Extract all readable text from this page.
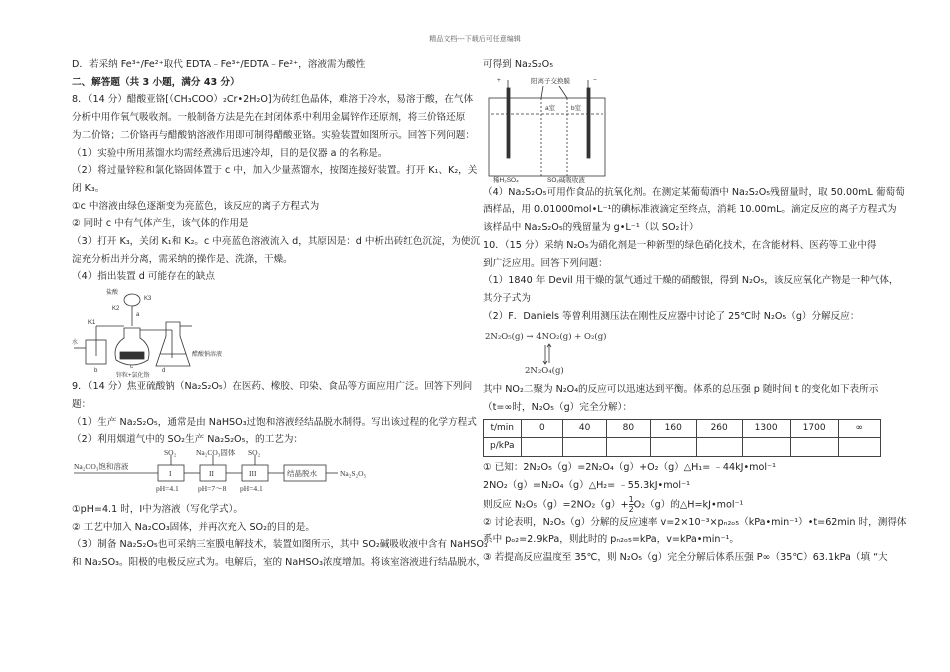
精品文档---下载后可任意编辑

D．若采纳 Fe³⁺/Fe²⁺取代 EDTA﹣Fe³⁺/EDTA﹣Fe²⁺，溶液需为酸性

二、解答题（共 3 小题，满分 43 分）

8．（14 分）醋酸亚铬[（CH₃COO）₂Cr•2H₂O]为砖红色晶体，难溶于冷水，易溶于酸，在气体

分析中用作氧气吸收剂。一般制备方法是先在封闭体系中利用金属锌作还原剂，将三价铬还原

为二价铬；二价铬再与醋酸钠溶液作用即可制得醋酸亚铬。实验装置如图所示。回答下列问题：

（1）实验中所用蒸馏水均需经煮沸后迅速冷却，目的是仪器 a 的名称是。

（2）将过量锌粒和氯化铬固体置于 c 中，加入少量蒸馏水，按图连接好装置。打开 K₁、K₂，关

闭 K₃。

①c 中溶液由绿色逐渐变为亮蓝色，该反应的离子方程式为

② 同时 c 中有气体产生，该气体的作用是

（3）打开 K₃，关闭 K₁和 K₂。c 中亮蓝色溶液流入 d，其原因是：d 中析出砖红色沉淀，为使沉

淀充分析出并分离，需采纳的操作是、洗涤，干燥。

（4）指出装置 d 可能存在的缺点

盐酸
K3
K2
K1
a
水
b
c
d
锌粒+氯化铬
醋酸钠溶液

9．（14 分）焦亚硫酸钠（Na₂S₂O₅）在医药、橡胶、印染、食品等方面应用广泛。回答下列问

题：

（1）生产 Na₂S₂O₅，通常是由 NaHSO₃过饱和溶液经结晶脱水制得。写出该过程的化学方程式

（2）利用烟道气中的 SO₂生产 Na₂S₂O₅，的工艺为：

Na₂CO₃饱和溶液
SO₂	Na₂CO₃固体 SO₂
I	II	III	结晶脱水	Na₂S₂O₅
pH=4.1	pH=7～8 pH=4.1

①pH=4.1 时，Ⅰ中为溶液（写化学式）。

② 工艺中加入 Na₂CO₃固体，并再次充入 SO₂的目的是。

（3）制备 Na₂S₂O₅也可采纳三室膜电解技术，装置如图所示，其中 SO₂碱吸收液中含有 NaHSO₃

和 Na₂SO₃。阳极的电极反应式为。电解后，室的 NaHSO₃浓度增加。将该室溶液进行结晶脱水，

可得到 Na₂S₂O₅

+	−
阳离子交换膜
a室 b室
稀H₂SO₄	SO₂碱吸收液

（4）Na₂S₂O₅可用作食品的抗氧化剂。在测定某葡萄酒中 Na₂S₂O₅残留量时，取 50.00mL 葡萄萄

酒样品，用 0.01000mol•L⁻¹的碘标准液滴定至终点，消耗 10.00mL。滴定反应的离子方程式为

该样品中 Na₂S₂O₅的残留量为 g•L⁻¹（以 SO₂计）

10．（15 分）采纳 N₂O₅为硝化剂是一种新型的绿色硝化技术，在含能材料、医药等工业中得

到广泛应用。回答下列问题：

（1）1840 年 Devil 用干燥的氯气通过干燥的硝酸银，得到 N₂O₅，该反应氧化产物是一种气体，

其分子式为

（2）F．Daniels 等曾利用测压法在刚性反应器中讨论了 25℃时 N₂O₅（g）分解反应：

2N₂O₅(g) → 4NO₂(g) + O₂(g)
2N₂O₄(g)

其中 NO₂二聚为 N₂O₄的反应可以迅速达到平衡。体系的总压强 p 随时间 t 的变化如下表所示

（t=∞时，N₂O₅（g）完全分解）：

t/min	0	40	80	160	260	1300	1700	∞
p/kPa								

① 已知：2N₂O₅（g）=2N₂O₄（g）+O₂（g）△H₁= ﹣44kJ•mol⁻¹

2NO₂（g）=N₂O₄（g）△H₂= ﹣55.3kJ•mol⁻¹

则反应 $N_2O_5(g)=2NO_2(g)+ \frac{1}{2} O_2(g)$的△H=kJ•mol⁻¹

② 讨论表明，N₂O₅（g）分解的反应速率 v=2×10⁻³×pₙ₂ₒ₅（kPa•min⁻¹）•t=62min 时，测得体

系中 pₒ₂=2.9kPa，则此时的 pₙ₂ₒ₅=kPa，v=kPa•min⁻¹。

③ 若提高反应温度至 35℃，则 N₂O₅（g）完全分解后体系压强 P∞（35℃）63.1kPa（填 “大
